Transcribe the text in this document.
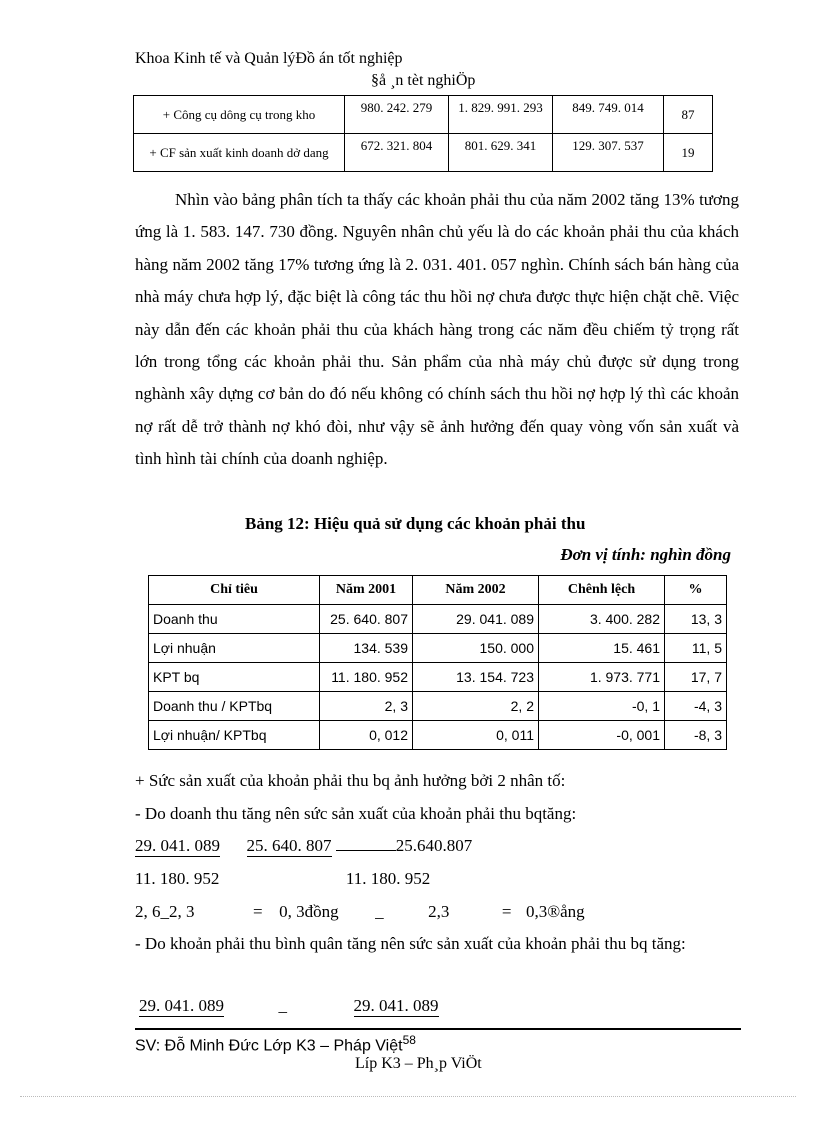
Khoa Kinh tế và Quản lýĐồ án tốt nghiệp
§å ¸n tèt nghiÖp
+ Công cụ dông cụ trong kho	980. 242. 279	1. 829. 991. 293	849. 749. 014	87
+ CF sản xuất kinh doanh dở dang	672. 321. 804	801. 629. 341	129. 307. 537	19
Nhìn vào bảng phân tích ta thấy các khoản phải thu của năm 2002 tăng 13% tương ứng là 1. 583. 147. 730 đồng. Nguyên nhân chủ yếu là do các khoản phải thu của khách hàng năm 2002 tăng 17% tương ứng là 2. 031. 401. 057 nghìn. Chính sách bán hàng của nhà máy chưa hợp lý, đặc biệt là công tác thu hồi nợ chưa được thực hiện chặt chẽ. Việc này dẫn đến các khoản phải thu của khách hàng trong các năm đều chiếm tỷ trọng rất lớn trong tổng các khoản phải thu. Sản phẩm của nhà máy chủ được sử dụng trong nghành xây dựng cơ bản do đó nếu không có chính sách thu hồi nợ hợp lý thì các khoản nợ rất dễ trở thành nợ khó đòi, như vậy sẽ ảnh hưởng đến quay vòng vốn sản xuất và tình hình tài chính của doanh nghiệp.
Bảng 12: Hiệu quả sử dụng các khoản phải thu
Đơn vị tính: nghìn đồng
Chỉ tiêu	Năm 2001	Năm 2002	Chênh lệch	%
Doanh thu	25. 640. 807	29. 041. 089	3. 400. 282	13, 3
Lợi nhuận	134. 539	150. 000	15. 461	11, 5
KPT bq	11. 180. 952	13. 154. 723	1. 973. 771	17, 7
Doanh thu / KPTbq	2, 3	2, 2	-0, 1	-4, 3
Lợi nhuận/ KPTbq	0, 012	0, 011	-0, 001	-8, 3
+ Sức sản xuất của khoản phải thu bq ảnh hưởng bởi 2 nhân tố:
- Do doanh thu tăng nên sức sản xuất của khoản phải thu bqtăng:
29. 041. 089 25. 640. 807	25.640.807
11. 180. 952	11. 180. 952
2, 6_2, 3	= 0, 3đồng _	2,3	= 0,3®ång
- Do khoản phải thu bình quân tăng nên sức sản xuất của khoản phải thu bq tăng:
29. 041. 089	_	29. 041. 089
SV: Đỗ Minh Đức Lớp K3 – Pháp Việt$^{58}$
Líp K3 – Ph¸p ViÖt
